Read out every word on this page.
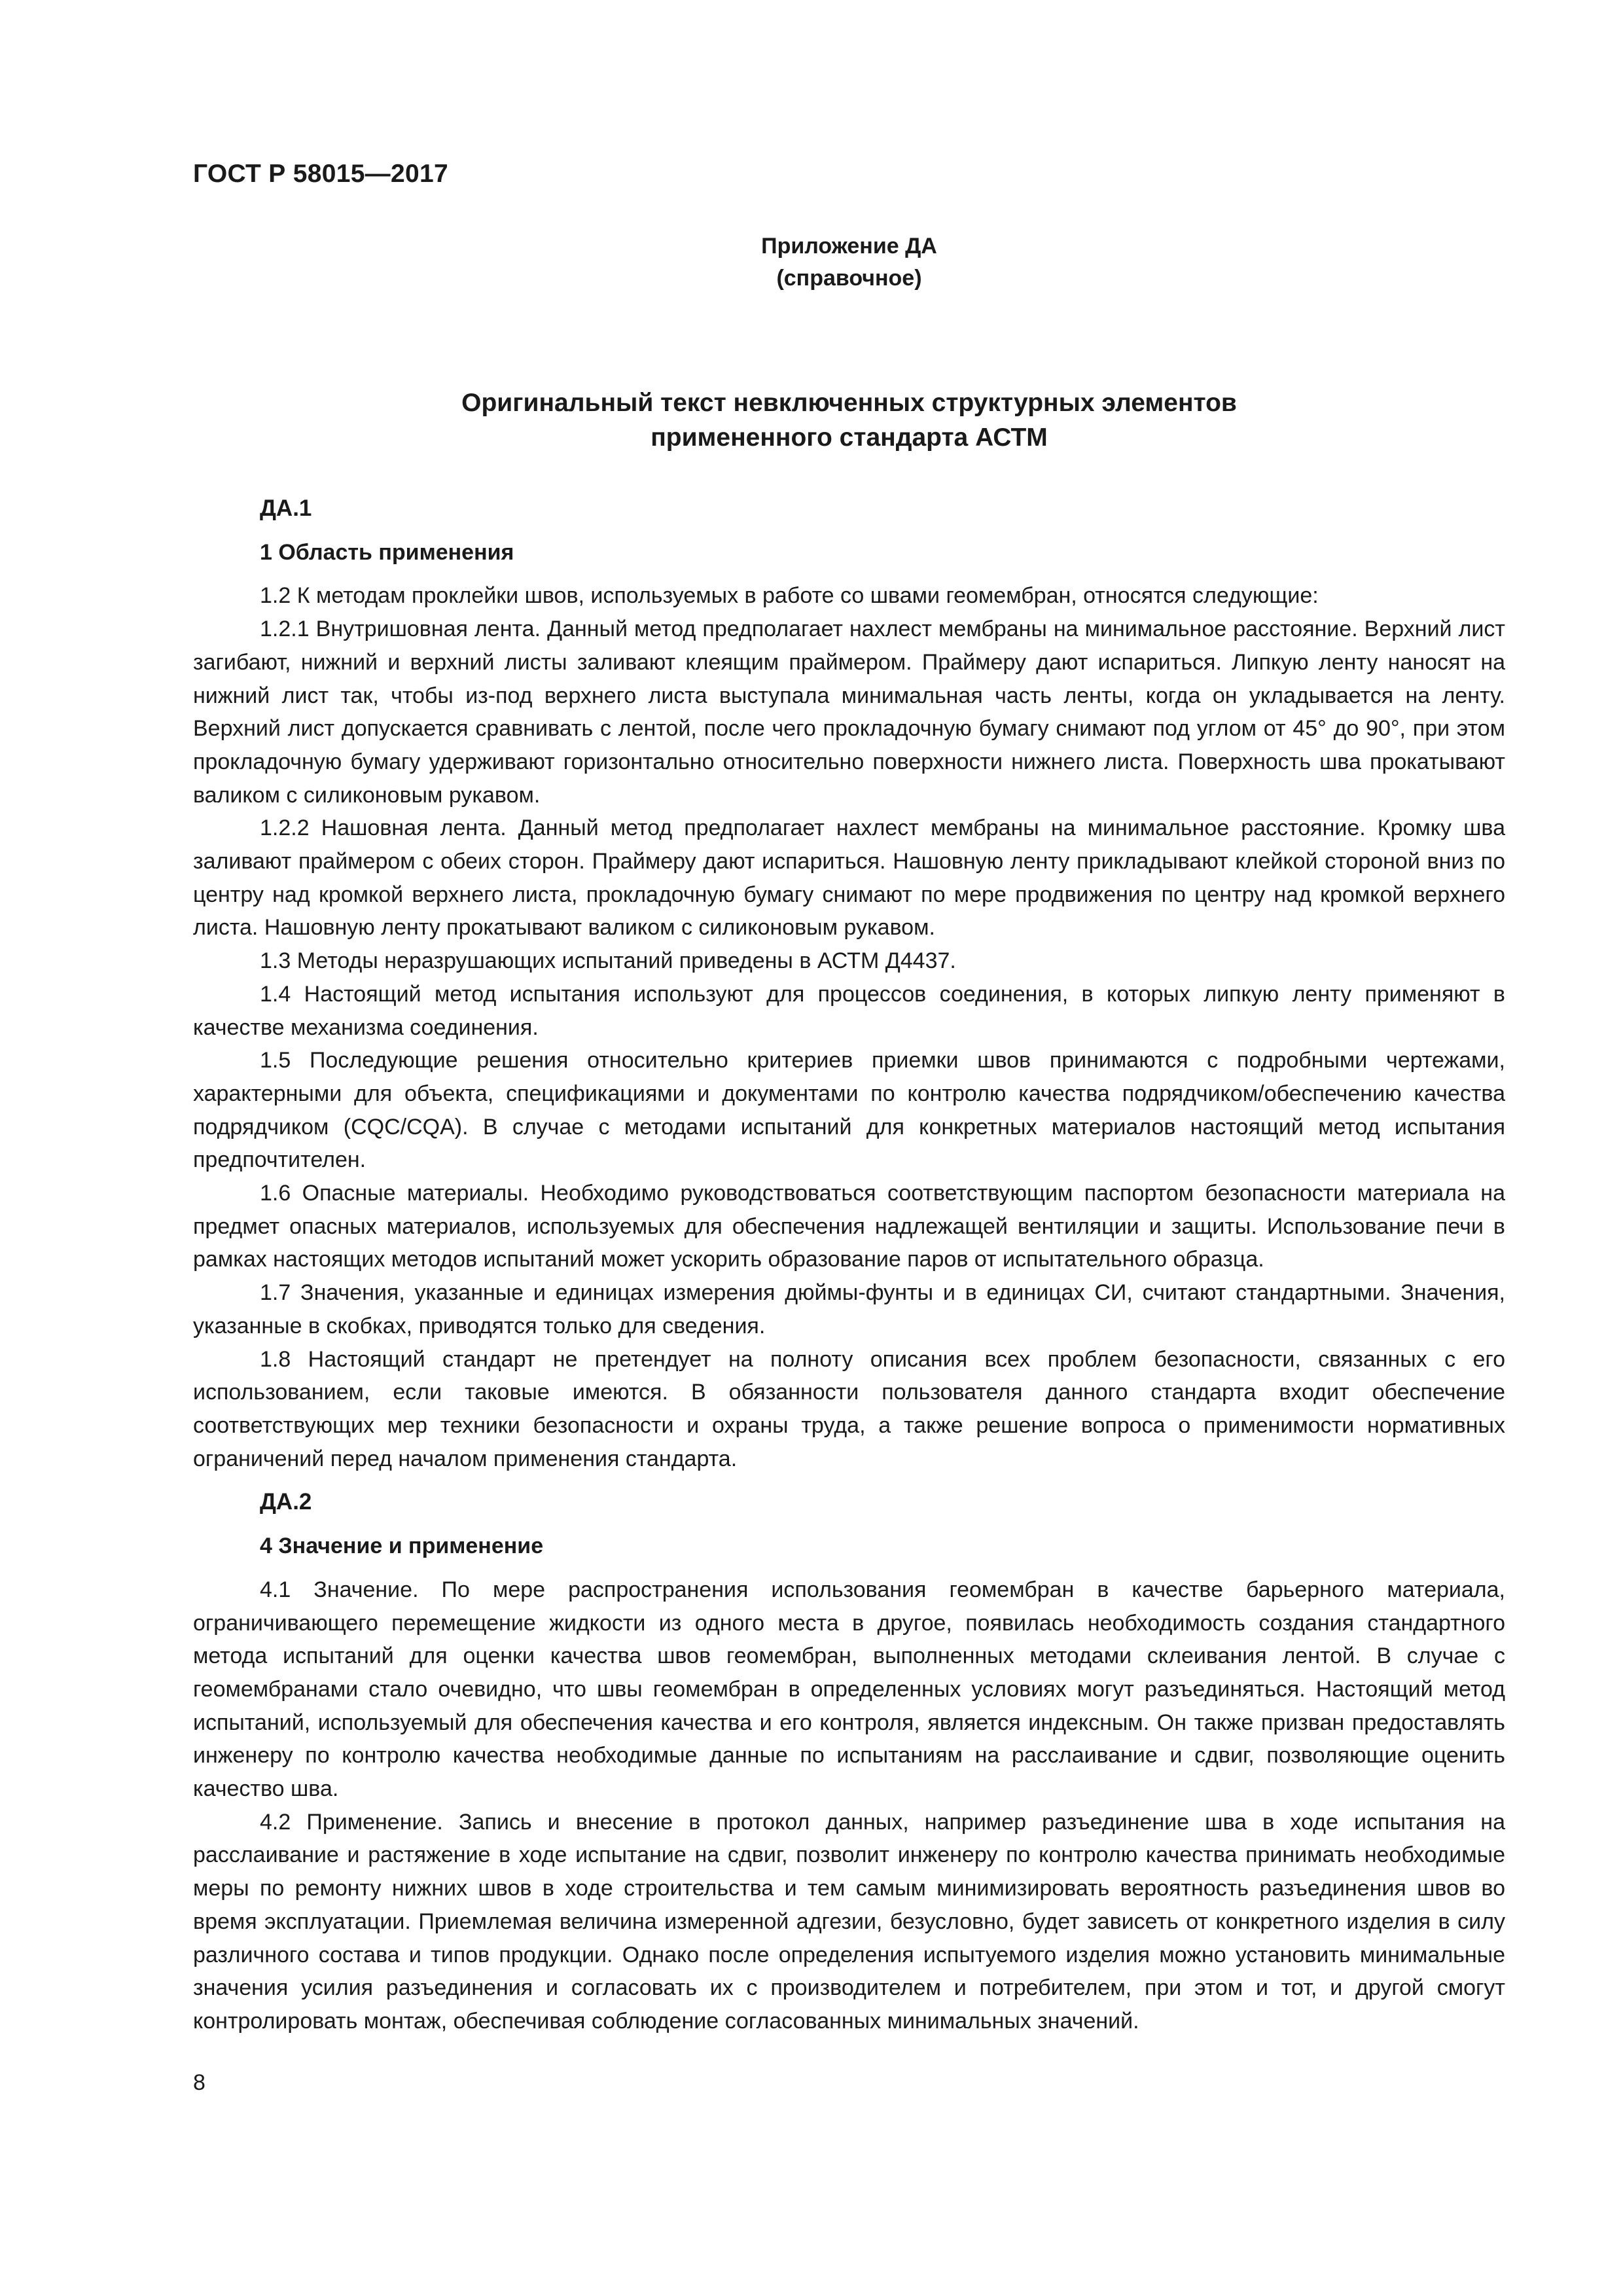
ГОСТ Р 58015—2017
Приложение ДА
(справочное)
Оригинальный текст невключенных структурных элементов
примененного стандарта АСТМ

ДА.1

1 Область применения

1.2 К методам проклейки швов, используемых в работе со швами геомембран, относятся следующие:

1.2.1 Внутришовная лента. Данный метод предполагает нахлест мембраны на минимальное расстояние. Верхний лист загибают, нижний и верхний листы заливают клеящим праймером. Праймеру дают испариться. Липкую ленту наносят на нижний лист так, чтобы из-под верхнего листа выступала минимальная часть ленты, когда он укладывается на ленту. Верхний лист допускается сравнивать с лентой, после чего прокладочную бумагу снимают под углом от 45° до 90°, при этом прокладочную бумагу удерживают горизонтально относительно поверхности нижнего листа. Поверхность шва прокатывают валиком с силиконовым рукавом.

1.2.2 Нашовная лента. Данный метод предполагает нахлест мембраны на минимальное расстояние. Кромку шва заливают праймером с обеих сторон. Праймеру дают испариться. Нашовную ленту прикладывают клейкой стороной вниз по центру над кромкой верхнего листа, прокладочную бумагу снимают по мере продвижения по центру над кромкой верхнего листа. Нашовную ленту прокатывают валиком с силиконовым рукавом.

1.3 Методы неразрушающих испытаний приведены в АСТМ Д4437.

1.4 Настоящий метод испытания используют для процессов соединения, в которых липкую ленту применяют в качестве механизма соединения.

1.5 Последующие решения относительно критериев приемки швов принимаются с подробными чертежами, характерными для объекта, спецификациями и документами по контролю качества подрядчиком/обеспечению качества подрядчиком (CQC/CQA). В случае с методами испытаний для конкретных материалов настоящий метод испытания предпочтителен.

1.6 Опасные материалы. Необходимо руководствоваться соответствующим паспортом безопасности материала на предмет опасных материалов, используемых для обеспечения надлежащей вентиляции и защиты. Использование печи в рамках настоящих методов испытаний может ускорить образование паров от испытательного образца.

1.7 Значения, указанные и единицах измерения дюймы-фунты и в единицах СИ, считают стандартными. Значения, указанные в скобках, приводятся только для сведения.

1.8 Настоящий стандарт не претендует на полноту описания всех проблем безопасности, связанных с его использованием, если таковые имеются. В обязанности пользователя данного стандарта входит обеспечение соответствующих мер техники безопасности и охраны труда, а также решение вопроса о применимости нормативных ограничений перед началом применения стандарта.

ДА.2

4 Значение и применение

4.1 Значение. По мере распространения использования геомембран в качестве барьерного материала, ограничивающего перемещение жидкости из одного места в другое, появилась необходимость создания стандартного метода испытаний для оценки качества швов геомембран, выполненных методами склеивания лентой. В случае с геомембранами стало очевидно, что швы геомембран в определенных условиях могут разъединяться. Настоящий метод испытаний, используемый для обеспечения качества и его контроля, является индексным. Он также призван предоставлять инженеру по контролю качества необходимые данные по испытаниям на расслаивание и сдвиг, позволяющие оценить качество шва.

4.2 Применение. Запись и внесение в протокол данных, например разъединение шва в ходе испытания на расслаивание и растяжение в ходе испытание на сдвиг, позволит инженеру по контролю качества принимать необходимые меры по ремонту нижних швов в ходе строительства и тем самым минимизировать вероятность разъединения швов во время эксплуатации. Приемлемая величина измеренной адгезии, безусловно, будет зависеть от конкретного изделия в силу различного состава и типов продукции. Однако после определения испытуемого изделия можно установить минимальные значения усилия разъединения и согласовать их с производителем и потребителем, при этом и тот, и другой смогут контролировать монтаж, обеспечивая соблюдение согласованных минимальных значений.

8
